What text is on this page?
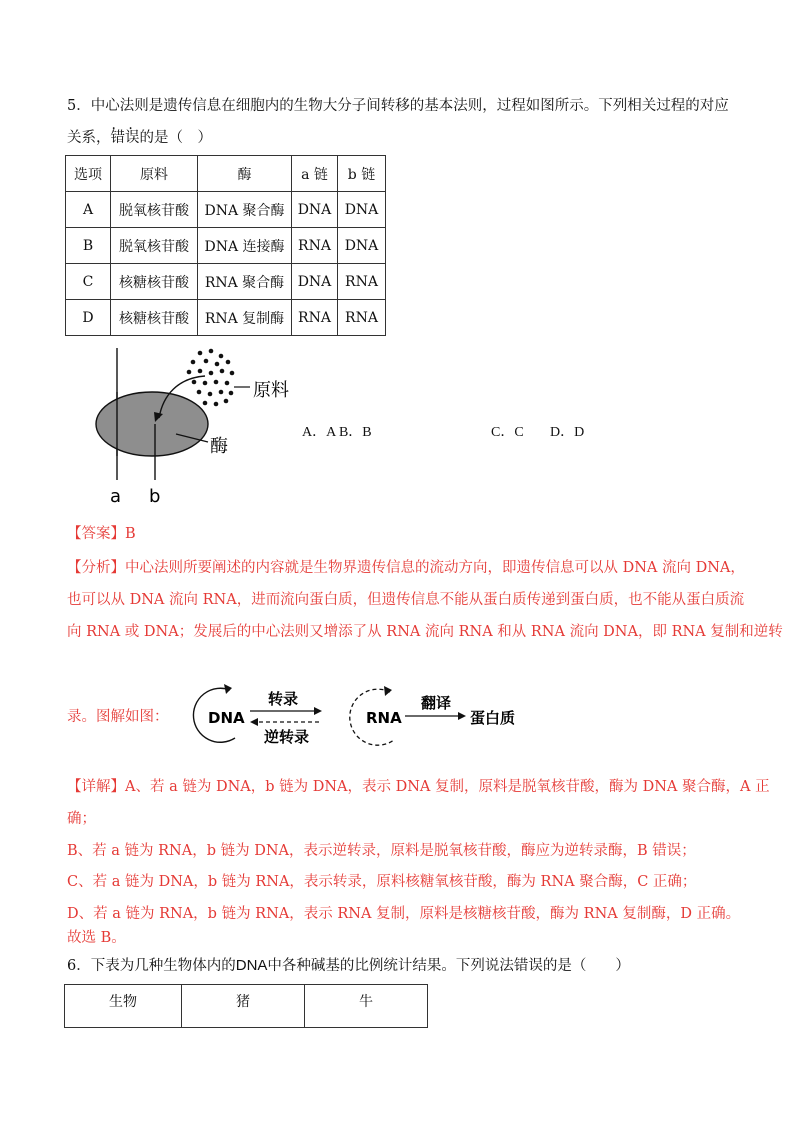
5．中心法则是遗传信息在细胞内的生物大分子间转移的基本法则，过程如图所示。下列相关过程的对应
关系，· · 错误的是（　）
选项	原料	酶	a 链	b 链
A	脱氧核苷酸	DNA 聚合酶	DNA	DNA
B	脱氧核苷酸	DNA 连接酶	RNA	DNA
C	核糖核苷酸	RNA 聚合酶	DNA	RNA
D	核糖核苷酸	RNA 复制酶	RNA	RNA
原料
酶
a b
A．A B．B	C．C D．D
【答案】B
【分析】中心法则所要阐述的内容就是生物界遗传信息的流动方向，即遗传信息可以从 DNA 流向 DNA，
也可以从 DNA 流向 RNA，进而流向蛋白质，但遗传信息不能从蛋白质传递到蛋白质，也不能从蛋白质流
向 RNA 或 DNA；发展后的中心法则又增添了从 RNA 流向 RNA 和从 RNA 流向 DNA，即 RNA 复制和逆转
录。图解如图：	DNA
转录
逆转录
RNA
翻译
蛋白质
【详解】A、若 a 链为 DNA，b 链为 DNA，表示 DNA 复制，原料是脱氧核苷酸，酶为 DNA 聚合酶，A 正
确；
B、若 a 链为 RNA，b 链为 DNA，表示逆转录，原料是脱氧核苷酸，酶应为逆转录酶，B 错误；
C、若 a 链为 DNA，b 链为 RNA，表示转录，原料核糖氧核苷酸，酶为 RNA 聚合酶，C 正确；
D、若 a 链为 RNA，b 链为 RNA，表示 RNA 复制，原料是核糖核苷酸，酶为 RNA 复制酶，D 正确。
故选 B。
6．下表为几种生物体内的DNA中各种碱基的比例统计结果。下列说法错误的是（　　）
生物	猪	牛
